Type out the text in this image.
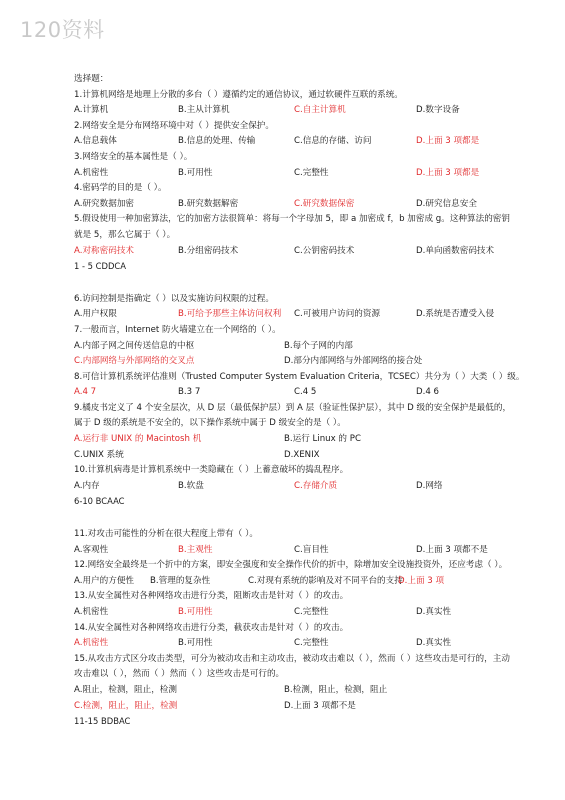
120资料
选择题：
1.计算机网络是地理上分散的多台（ ）遵循约定的通信协议，通过软硬件互联的系统。
A.计算机	B.主从计算机	C.自主计算机	D.数字设备
2.网络安全是分布网络环境中对（ ）提供安全保护。
A.信息载体	B.信息的处理、传输	C.信息的存储、访问	D.上面 3 项都是
3.网络安全的基本属性是（ ）。
A.机密性	B.可用性	C.完整性	D.上面 3 项都是
4.密码学的目的是（ ）。
A.研究数据加密	B.研究数据解密	C.研究数据保密	D.研究信息安全
5.假设使用一种加密算法，它的加密方法很简单：将每一个字母加 5，即 a 加密成 f，b 加密成 g。这种算法的密钥就是 5，那么它属于（ ）。
A.对称密码技术	B.分组密码技术	C.公钥密码技术	D.单向函数密码技术
1 - 5 CDDCA
6.访问控制是指确定（ ）以及实施访问权限的过程。
A.用户权限	B.可给予那些主体访问权利	C.可被用户访问的资源	D.系统是否遭受入侵
7.一般而言，Internet 防火墙建立在一个网络的（ ）。
A.内部子网之间传送信息的中枢	B.每个子网的内部
C.内部网络与外部网络的交叉点	D.部分内部网络与外部网络的接合处
8.可信计算机系统评估准则（Trusted Computer System Evaluation Criteria，TCSEC）共分为（ ）大类（ ）级。
A.4 7	B.3 7	C.4 5	D.4 6
9.橘皮书定义了 4 个安全层次，从 D 层（最低保护层）到 A 层（验证性保护层），其中 D 级的安全保护是最低的，属于 D 级的系统是不安全的，以下操作系统中属于 D 级安全的是（ ）。
A.运行非 UNIX 的 Macintosh 机	B.运行 Linux 的 PC
C.UNIX 系统	D.XENIX
10.计算机病毒是计算机系统中一类隐藏在（ ）上蓄意破坏的捣乱程序。
A.内存	B.软盘	C.存储介质	D.网络
6-10 BCAAC
11.对攻击可能性的分析在很大程度上带有（ ）。
A.客观性	B.主观性	C.盲目性	D.上面 3 项都不是
12.网络安全最终是一个折中的方案，即安全强度和安全操作代价的折中，除增加安全设施投资外，还应考虑（ ）。
A.用户的方便性	B.管理的复杂性	C.对现有系统的影响及对不同平台的支持
D.上面 3 项
13.从安全属性对各种网络攻击进行分类，阻断攻击是针对（ ）的攻击。
A.机密性	B.可用性	C.完整性	D.真实性
14.从安全属性对各种网络攻击进行分类，截获攻击是针对（ ）的攻击。
A.机密性	B.可用性	C.完整性	D.真实性
15.从攻击方式区分攻击类型，可分为被动攻击和主动攻击，被动攻击难以（ ），然而（ ）这些攻击是可行的，主动攻击难以（ ），然而（ ）然而（ ）这些攻击是可行的。
A.阻止，检测，阻止，检测	B.检测，阻止，检测，阻止
C.检测，阻止，阻止，检测	D.上面 3 项都不是
11-15 BDBAC
